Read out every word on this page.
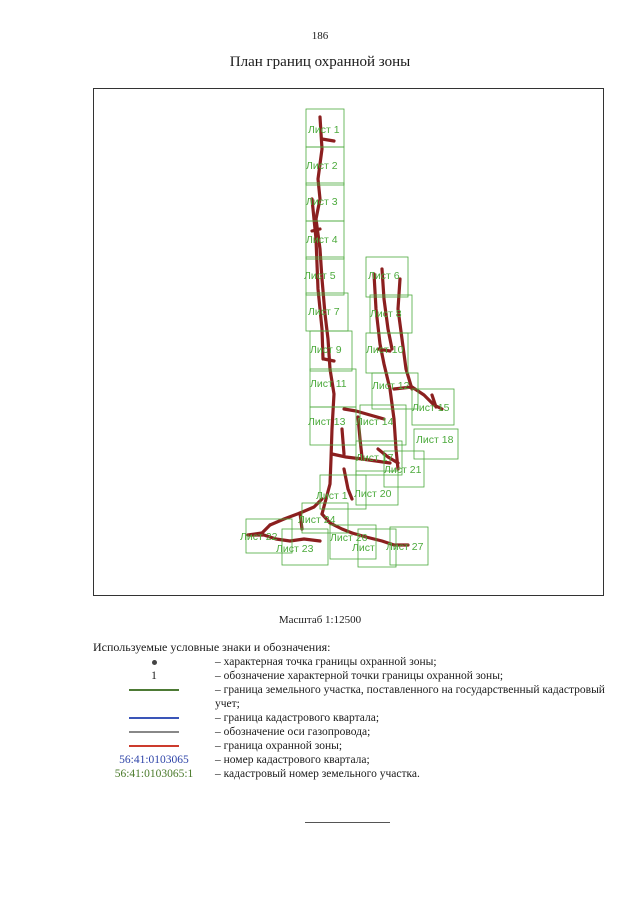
186
План границ охранной зоны
Лист 1
Лист 2
Лист 3
Лист 4
Лист 5	Лист 6
Лист 7	Лист 8
Лист 9 Лист 10
Лист 11 Лист 12
Лист 13 Лист 14
Лист 15
Лист 18
Лист 17
Лист 21
Лист 1 Лист 20
Лист 24
Лист 22	Лист 26
Лист 23	Лист Лист 27
Масштаб 1:12500
Используемые условные знаки и обозначения:
– характерная точка границы охранной зоны;
1	– обозначение характерной точки границы охранной зоны;
– граница земельного участка, поставленного на государственный кадастровый учет;
– граница кадастрового квартала;
– обозначение оси газопровода;
– граница охранной зоны;
56:41:0103065 – номер кадастрового квартала;
56:41:0103065:1 – кадастровый номер земельного участка.
